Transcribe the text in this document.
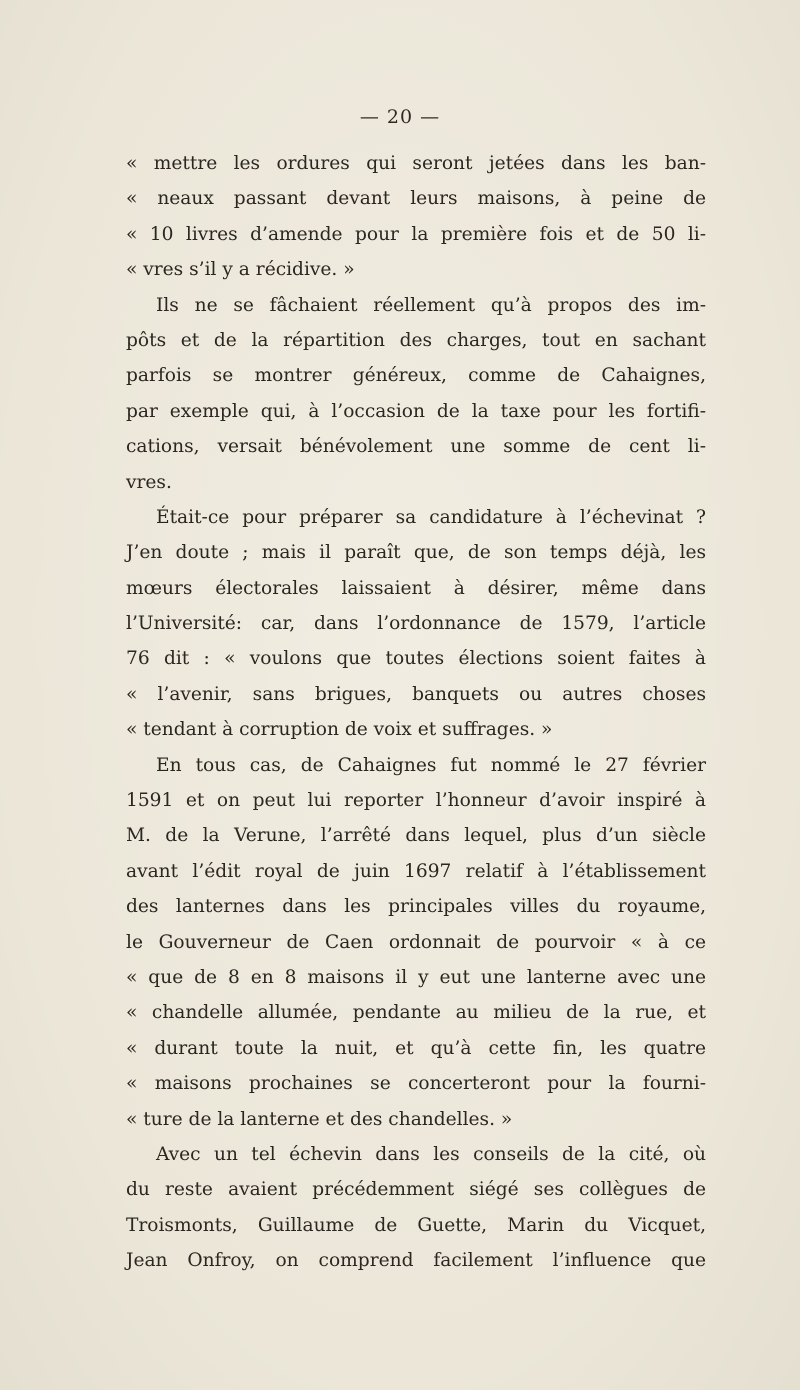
— 20 —
« mettre les ordures qui seront jetées dans les ban-
« neaux passant devant leurs maisons, à peine de
« 10 livres d’amende pour la première fois et de 50 li-
« vres s’il y a récidive. »
Ils ne se fâchaient réellement qu’à propos des im-
pôts et de la répartition des charges, tout en sachant
parfois se montrer généreux, comme de Cahaignes,
par exemple qui, à l’occasion de la taxe pour les fortifi-
cations, versait bénévolement une somme de cent li-
vres.
Était-ce pour préparer sa candidature à l’échevinat ?
J’en doute ; mais il paraît que, de son temps déjà, les
mœurs électorales laissaient à désirer, même dans
l’Université: car, dans l’ordonnance de 1579, l’article
76 dit : « voulons que toutes élections soient faites à
« l’avenir, sans brigues, banquets ou autres choses
« tendant à corruption de voix et suffrages. »
En tous cas, de Cahaignes fut nommé le 27 février
1591 et on peut lui reporter l’honneur d’avoir inspiré à
M. de la Verune, l’arrêté dans lequel, plus d’un siècle
avant l’édit royal de juin 1697 relatif à l’établissement
des lanternes dans les principales villes du royaume,
le Gouverneur de Caen ordonnait de pourvoir « à ce
« que de 8 en 8 maisons il y eut une lanterne avec une
« chandelle allumée, pendante au milieu de la rue, et
« durant toute la nuit, et qu’à cette fin, les quatre
« maisons prochaines se concerteront pour la fourni-
« ture de la lanterne et des chandelles. »
Avec un tel échevin dans les conseils de la cité, où
du reste avaient précédemment siégé ses collègues de
Troismonts, Guillaume de Guette, Marin du Vicquet,
Jean Onfroy, on comprend facilement l’influence que
